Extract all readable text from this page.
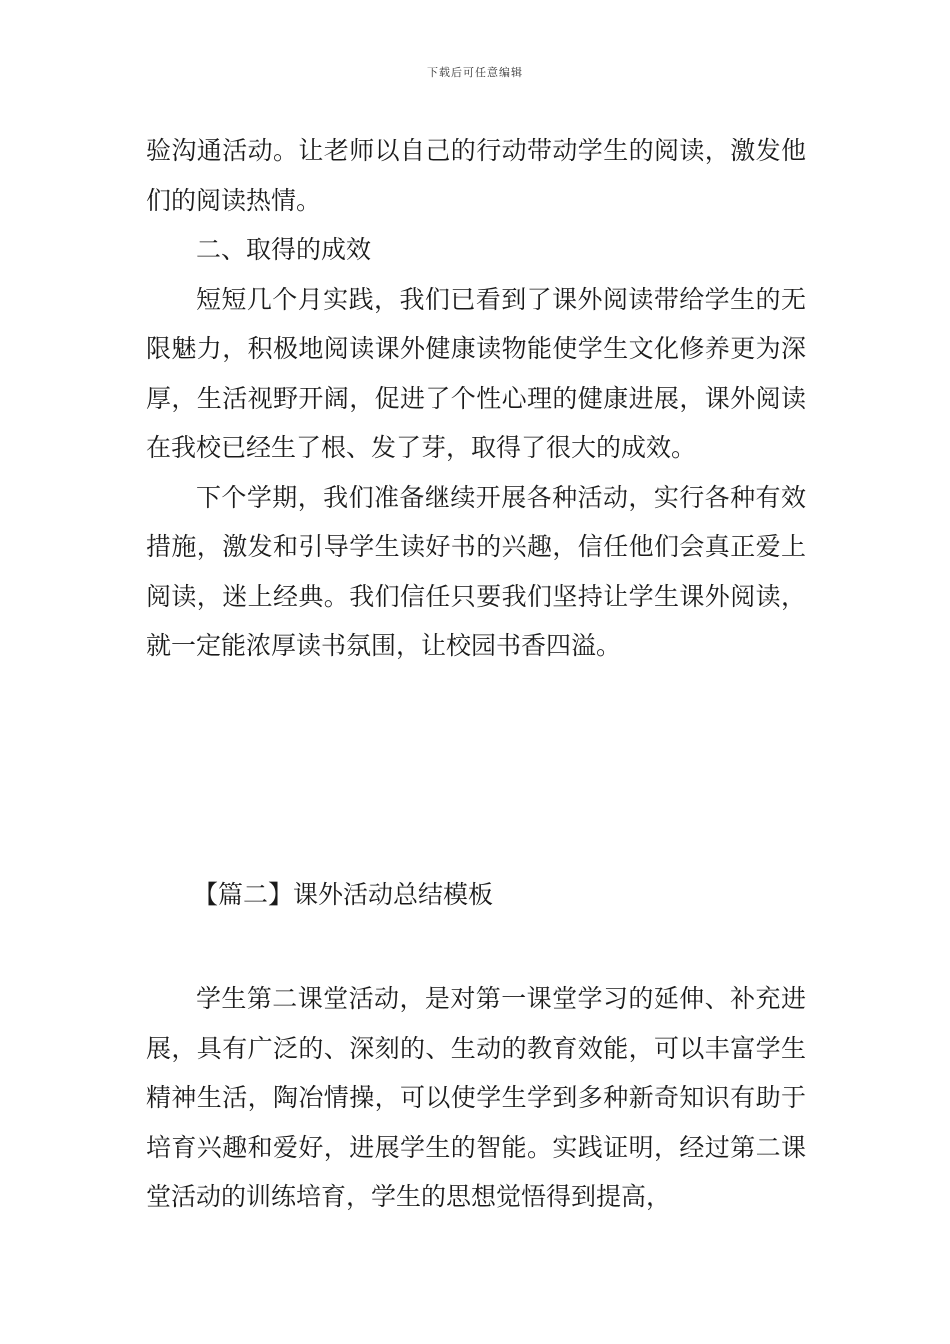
下载后可任意编辑

验沟通活动。让老师以自己的行动带动学生的阅读，激发他们的阅读热情。

二、取得的成效

短短几个月实践，我们已看到了课外阅读带给学生的无限魅力，积极地阅读课外健康读物能使学生文化修养更为深厚，生活视野开阔，促进了个性心理的健康进展，课外阅读在我校已经生了根、发了芽，取得了很大的成效。

下个学期，我们准备继续开展各种活动，实行各种有效措施，激发和引导学生读好书的兴趣，信任他们会真正爱上阅读，迷上经典。我们信任只要我们坚持让学生课外阅读，就一定能浓厚读书氛围，让校园书香四溢。

【篇二】课外活动总结模板

学生第二课堂活动，是对第一课堂学习的延伸、补充进展，具有广泛的、深刻的、生动的教育效能，可以丰富学生精神生活，陶冶情操，可以使学生学到多种新奇知识有助于培育兴趣和爱好，进展学生的智能。实践证明，经过第二课堂活动的训练培育，学生的思想觉悟得到提高，
